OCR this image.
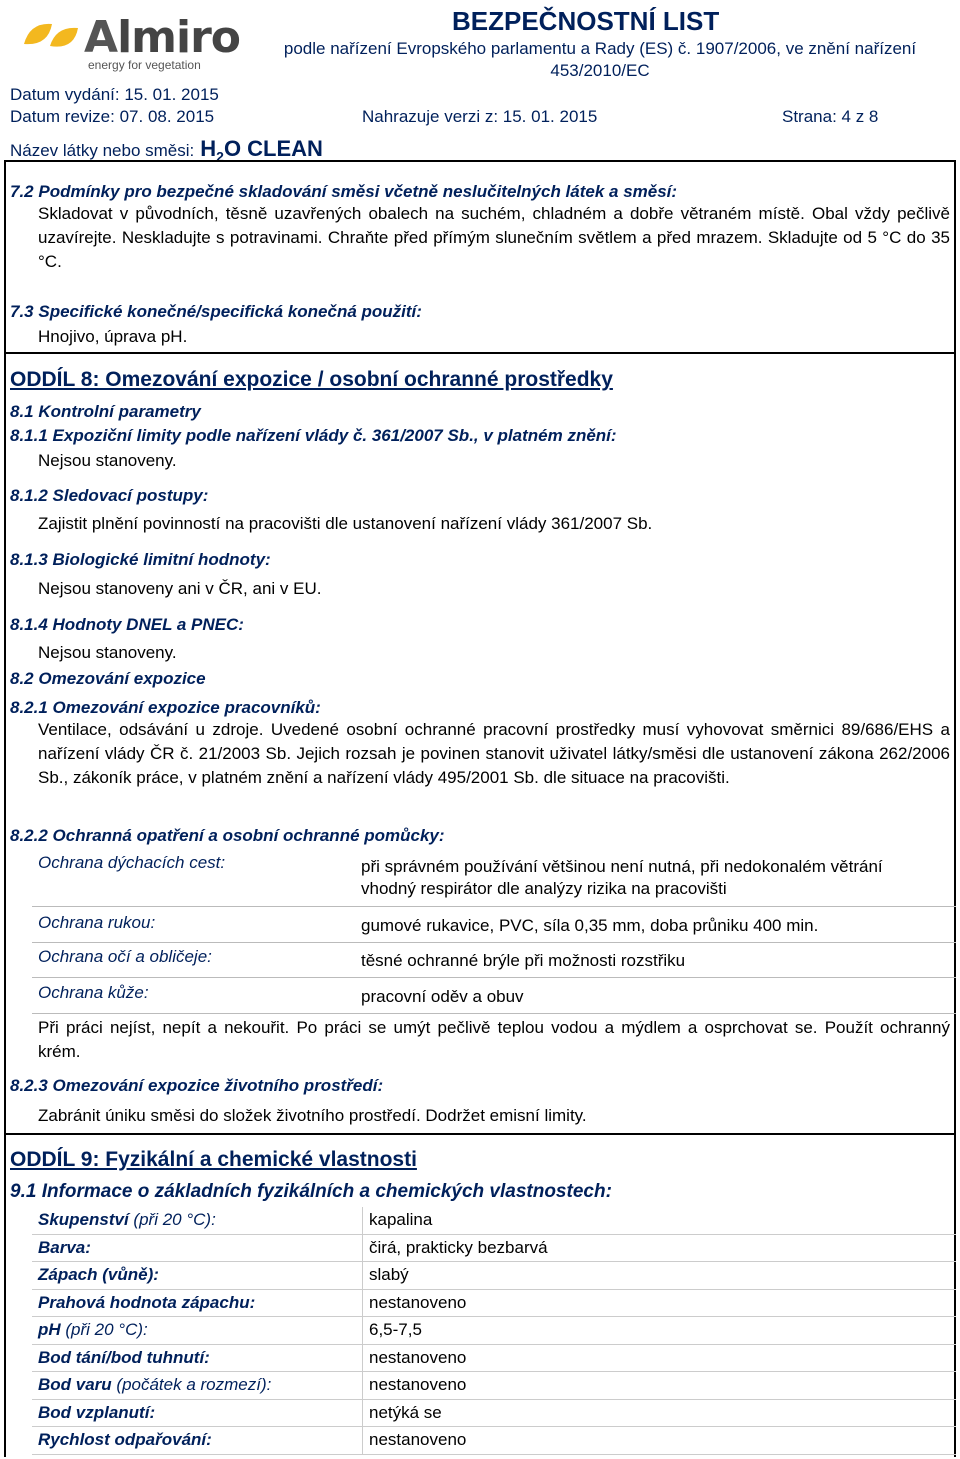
Almiro
energy for vegetation
BEZPEČNOSTNÍ LIST
podle nařízení Evropského parlamentu a Rady (ES) č. 1907/2006, ve znění nařízení 453/2010/EC
Datum vydání: 15. 01. 2015
Datum revize: 07. 08. 2015	Nahrazuje verzi z: 15. 01. 2015	Strana: 4 z 8
Název látky nebo směsi: $H_2O$ CLEAN
7.2 Podmínky pro bezpečné skladování směsi včetně neslučitelných látek a směsí:
Skladovat v původních, těsně uzavřených obalech na suchém, chladném a dobře větraném místě. Obal vždy pečlivě uzavírejte. Neskladujte s potravinami. Chraňte před přímým slunečním světlem a před mrazem. Skladujte od 5 °C do 35 °C.
7.3 Specifické konečné/specifická konečná použití:
Hnojivo, úprava pH.
ODDÍL 8: Omezování expozice / osobní ochranné prostředky
8.1 Kontrolní parametry
8.1.1 Expoziční limity podle nařízení vlády č. 361/2007 Sb., v platném znění:
Nejsou stanoveny.
8.1.2 Sledovací postupy:
Zajistit plnění povinností na pracovišti dle ustanovení nařízení vlády 361/2007 Sb.
8.1.3 Biologické limitní hodnoty:
Nejsou stanoveny ani v ČR, ani v EU.
8.1.4 Hodnoty DNEL a PNEC:
Nejsou stanoveny.
8.2 Omezování expozice
8.2.1 Omezování expozice pracovníků:
Ventilace, odsávání u zdroje. Uvedené osobní ochranné pracovní prostředky musí vyhovovat směrnici 89/686/EHS a nařízení vlády ČR č. 21/2003 Sb. Jejich rozsah je povinen stanovit uživatel látky/směsi dle ustanovení zákona 262/2006 Sb., zákoník práce, v platném znění a nařízení vlády 495/2001 Sb. dle situace na pracovišti.
8.2.2 Ochranná opatření a osobní ochranné pomůcky:
Ochrana dýchacích cest:	při správném používání většinou není nutná, při nedokonalém větrání vhodný respirátor dle analýzy rizika na pracovišti
Ochrana rukou:	gumové rukavice, PVC, síla 0,35 mm, doba průniku 400 min.
Ochrana očí a obličeje:	těsné ochranné brýle při možnosti rozstřiku
Ochrana kůže:	pracovní oděv a obuv
Při práci nejíst, nepít a nekouřit. Po práci se umýt pečlivě teplou vodou a mýdlem a osprchovat se. Použít ochranný krém.
8.2.3 Omezování expozice životního prostředí:
Zabránit úniku směsi do složek životního prostředí. Dodržet emisní limity.
ODDÍL 9: Fyzikální a chemické vlastnosti
9.1 Informace o základních fyzikálních a chemických vlastnostech:
Skupenství (při 20 °C):	kapalina
Barva:	čirá, prakticky bezbarvá
Zápach (vůně):	slabý
Prahová hodnota zápachu:	nestanoveno
pH (při 20 °C):	6,5-7,5
Bod tání/bod tuhnutí:	nestanoveno
Bod varu (počátek a rozmezí):	nestanoveno
Bod vzplanutí:	netýká se
Rychlost odpařování:	nestanoveno
